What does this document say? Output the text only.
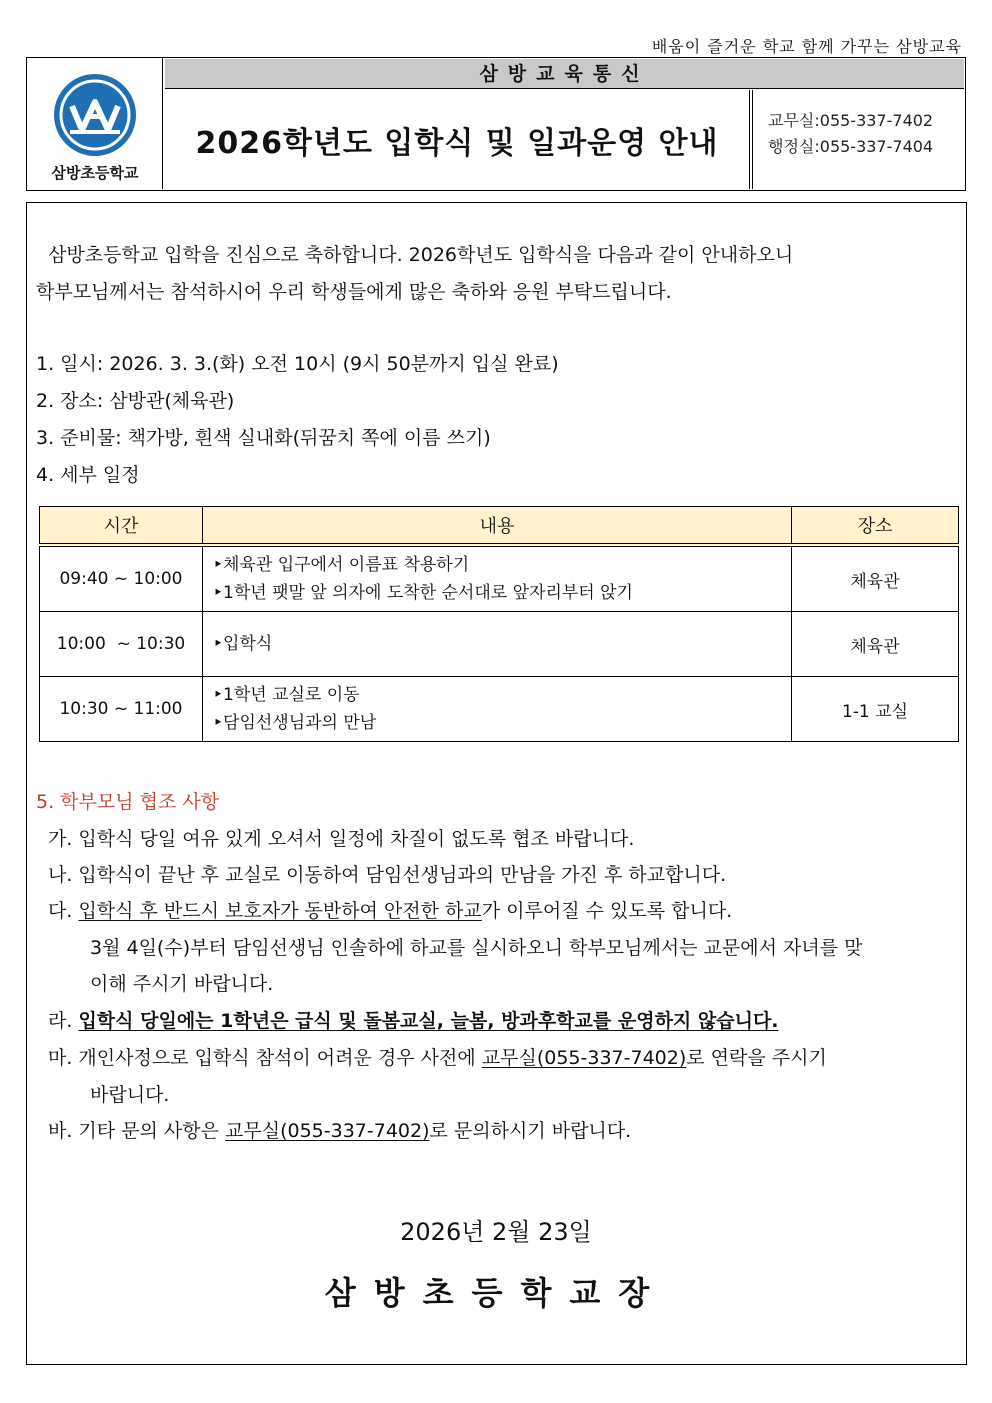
배움이 즐거운 학교 함께 가꾸는 삼방교육
삼방초등학교
삼방교육통신
2026학년도 입학식 및 일과운영 안내
교무실:055-337-7402
행정실:055-337-7404

삼방초등학교 입학을 진심으로 축하합니다. 2026학년도 입학식을 다음과 같이 안내하오니

학부모님께서는 참석하시어 우리 학생들에게 많은 축하와 응원 부탁드립니다.

1. 일시: 2026. 3. 3.(화) 오전 10시 (9시 50분까지 입실 완료)
2. 장소: 삼방관(체육관)
3. 준비물: 책가방, 흰색 실내화(뒤꿈치 쪽에 이름 쓰기)
4. 세부 일정
시간	내용	장소
09:40 ~ 10:00	‣체육관 입구에서 이름표 착용하기
‣1학년 팻말 앞 의자에 도착한 순서대로 앞자리부터 앉기	체육관
10:00  ~ 10:30	‣입학식	체육관
10:30 ~ 11:00	‣1학년 교실로 이동
‣담임선생님과의 만남	1-1 교실
5. 학부모님 협조 사항
가. 입학식 당일 여유 있게 오셔서 일정에 차질이 없도록 협조 바랍니다.
나. 입학식이 끝난 후 교실로 이동하여 담임선생님과의 만남을 가진 후 하교합니다.
다. 입학식 후 반드시 보호자가 동반하여 안전한 하교가 이루어질 수 있도록 합니다.
3월 4일(수)부터 담임선생님 인솔하에 하교를 실시하오니 학부모님께서는 교문에서 자녀를 맞
이해 주시기 바랍니다.
라. 입학식 당일에는 1학년은 급식 및 돌봄교실, 늘봄, 방과후학교를 운영하지 않습니다.
마. 개인사정으로 입학식 참석이 어려운 경우 사전에 교무실(055-337-7402)로 연락을 주시기
바랍니다.
바. 기타 문의 사항은 교무실(055-337-7402)로 문의하시기 바랍니다.
2026년 2월 23일
삼방초등학교장
